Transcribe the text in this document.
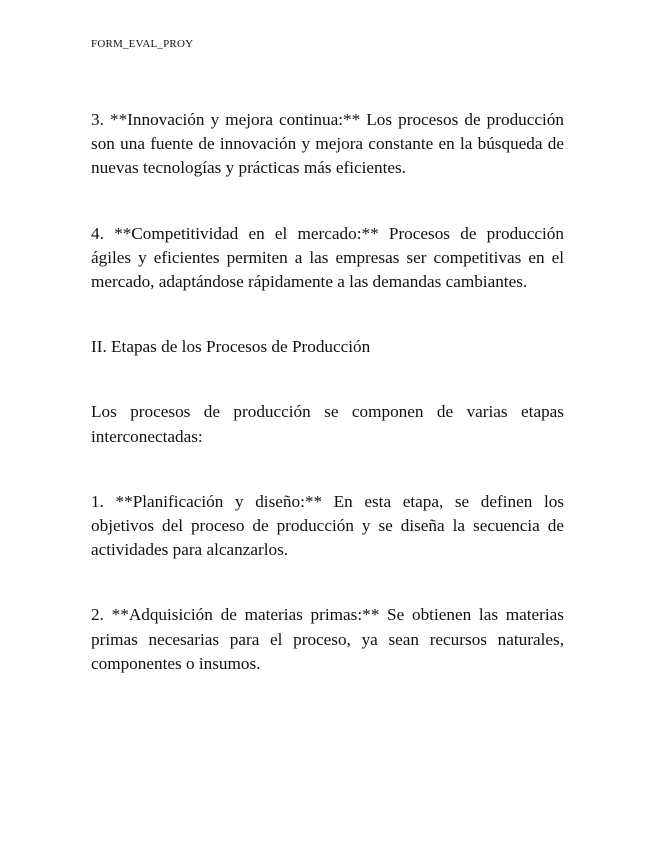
FORM_EVAL_PROY

3. **Innovación y mejora continua:** Los procesos de producción son una fuente de innovación y mejora constante en la búsqueda de nuevas tecnologías y prácticas más eficientes.

4. **Competitividad en el mercado:** Procesos de producción ágiles y eficientes permiten a las empresas ser competitivas en el mercado, adaptándose rápidamente a las demandas cambiantes.

II. Etapas de los Procesos de Producción

Los procesos de producción se componen de varias etapas interconectadas:

1. **Planificación y diseño:** En esta etapa, se definen los objetivos del proceso de producción y se diseña la secuencia de actividades para alcanzarlos.

2. **Adquisición de materias primas:** Se obtienen las materias primas necesarias para el proceso, ya sean recursos naturales, componentes o insumos.
